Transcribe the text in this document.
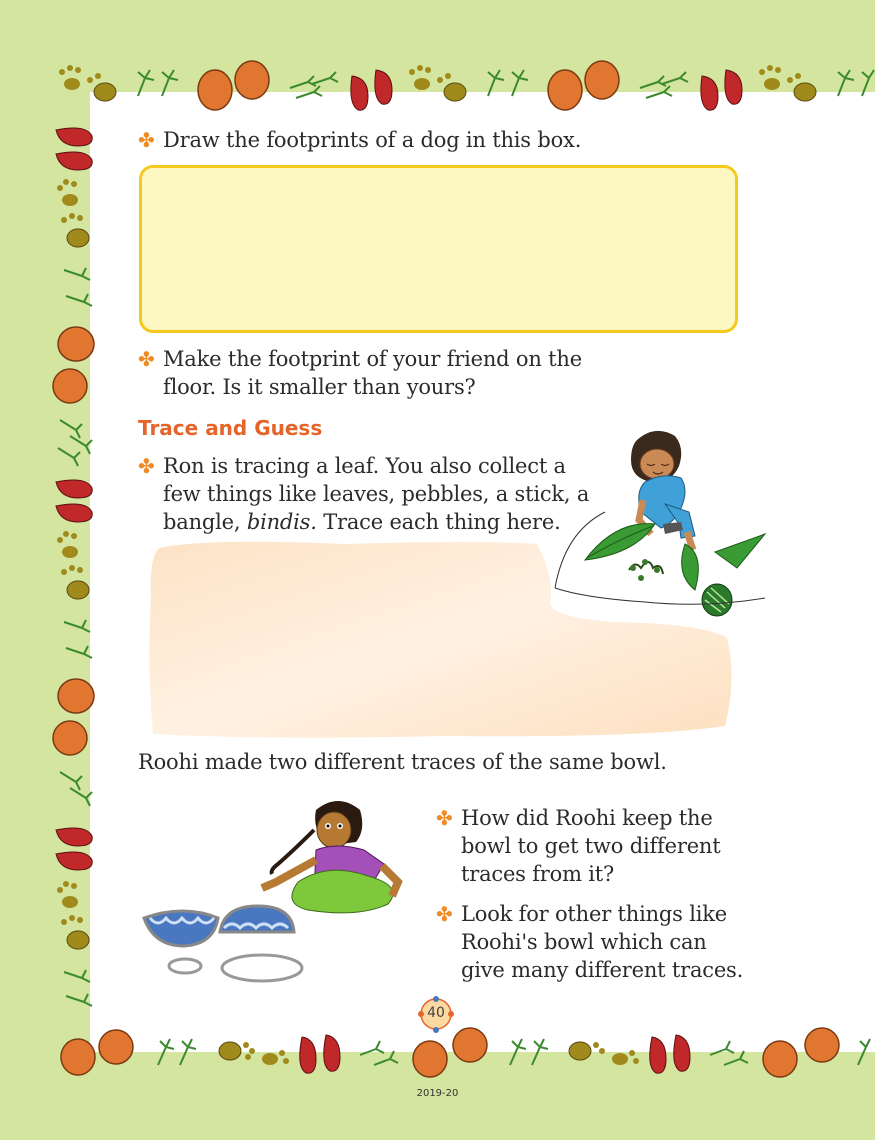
✤ Draw the footprints of a dog in this box.
✤ Make the footprint of your friend on the
floor. Is it smaller than yours?
Trace and Guess
✤ Ron is tracing a leaf. You also collect a
few things like leaves, pebbles, a stick, a
bangle, bindis. Trace each thing here.
Roohi made two different traces of the same bowl.
✤ How did Roohi keep the
bowl to get two different
traces from it?
✤ Look for other things like
Roohi's bowl which can
give many different traces.
40
2019-20
